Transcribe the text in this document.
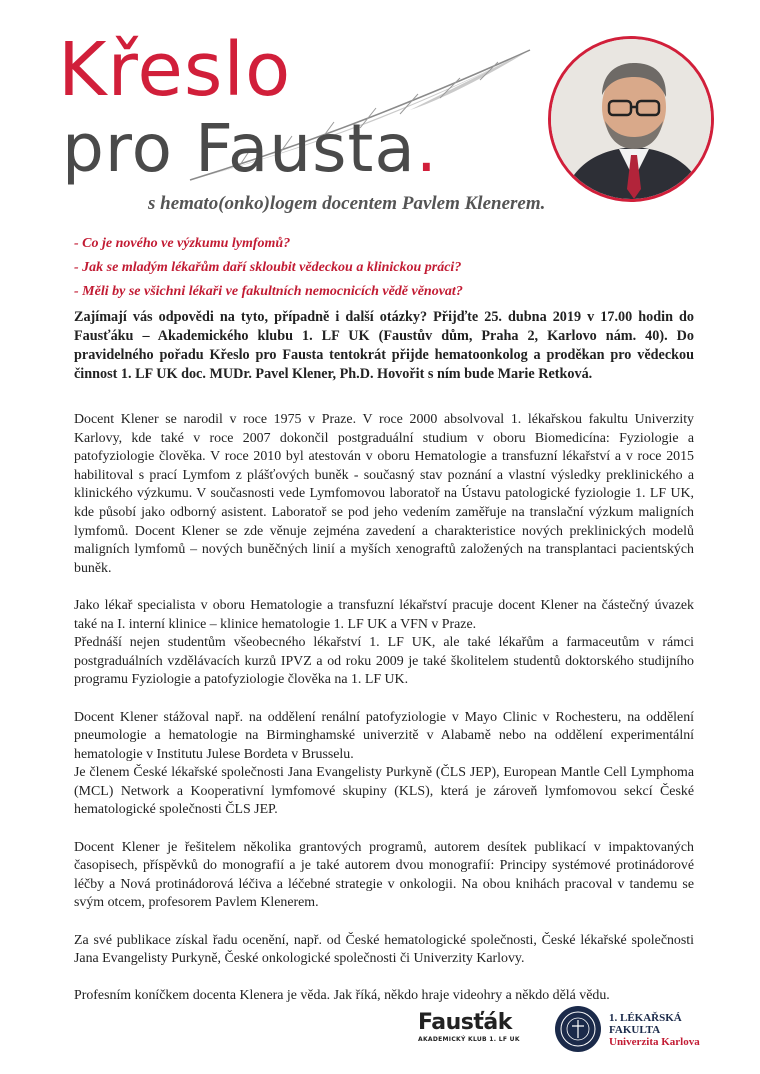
Křeslo
pro Fausta.
s hemato(onko)logem docentem Pavlem Klenerem.
- Co je nového ve výzkumu lymfomů?
- Jak se mladým lékařům daří skloubit vědeckou a klinickou práci?
- Měli by se všichni lékaři ve fakultních nemocnicích vědě věnovat?
Zajímají vás odpovědi na tyto, případně i další otázky? Přijďte 25. dubna 2019 v 17.00 hodin do Fausťáku – Akademického klubu 1. LF UK (Faustův dům, Praha 2, Karlovo nám. 40). Do pravidelného pořadu Křeslo pro Fausta tentokrát přijde hematoonkolog a proděkan pro vědeckou činnost 1. LF UK doc. MUDr. Pavel Klener, Ph.D. Hovořit s ním bude Marie Retková.

Docent Klener se narodil v roce 1975 v Praze. V roce 2000 absolvoval 1. lékařskou fakultu Univerzity Karlovy, kde také v roce 2007 dokončil postgraduální studium v oboru Biomedicína: Fyziologie a patofyziologie člověka. V roce 2010 byl atestován v oboru Hematologie a transfuzní lékařství a v roce 2015 habilitoval s prací Lymfom z plášťových buněk - současný stav poznání a vlastní výsledky preklinického a klinického výzkumu. V současnosti vede Lymfomovou laboratoř na Ústavu patologické fyziologie 1. LF UK, kde působí jako odborný asistent. Laboratoř se pod jeho vedením zaměřuje na translační výzkum maligních lymfomů. Docent Klener se zde věnuje zejména zavedení a charakteristice nových preklinických modelů maligních lymfomů – nových buněčných linií a myších xenograftů založených na transplantaci pacientských buněk.

Jako lékař specialista v oboru Hematologie a transfuzní lékařství pracuje docent Klener na částečný úvazek také na I. interní klinice – klinice hematologie 1. LF UK a VFN v Praze.

Přednáší nejen studentům všeobecného lékařství 1. LF UK, ale také lékařům a farmaceutům v rámci postgraduálních vzdělávacích kurzů IPVZ a od roku 2009 je také školitelem studentů doktorského studijního programu Fyziologie a patofyziologie člověka na 1. LF UK.

Docent Klener stážoval např. na oddělení renální patofyziologie v Mayo Clinic v Rochesteru, na oddělení pneumologie a hematologie na Birminghamské univerzitě v Alabamě nebo na oddělení experimentální hematologie v Institutu Julese Bordeta v Brusselu.

Je členem České lékařské společnosti Jana Evangelisty Purkyně (ČLS JEP), European Mantle Cell Lymphoma (MCL) Network a Kooperativní lymfomové skupiny (KLS), která je zároveň lymfomovou sekcí České hematologické společnosti ČLS JEP.

Docent Klener je řešitelem několika grantových programů, autorem desítek publikací v impaktovaných časopisech, příspěvků do monografií a je také autorem dvou monografií: Principy systémové protinádorové léčby a Nová protinádorová léčiva a léčebné strategie v onkologii. Na obou knihách pracoval v tandemu se svým otcem, profesorem Pavlem Klenerem.

Za své publikace získal řadu ocenění, např. od České hematologické společnosti, České lékařské společnosti Jana Evangelisty Purkyně, České onkologické společnosti či Univerzity Karlovy.

Profesním koníčkem docenta Klenera je věda. Jak říká, někdo hraje videohry a někdo dělá vědu.

Fausťák
AKADEMICKÝ KLUB 1. LF UK
1. LÉKAŘSKÁ
FAKULTA
Univerzita Karlova
